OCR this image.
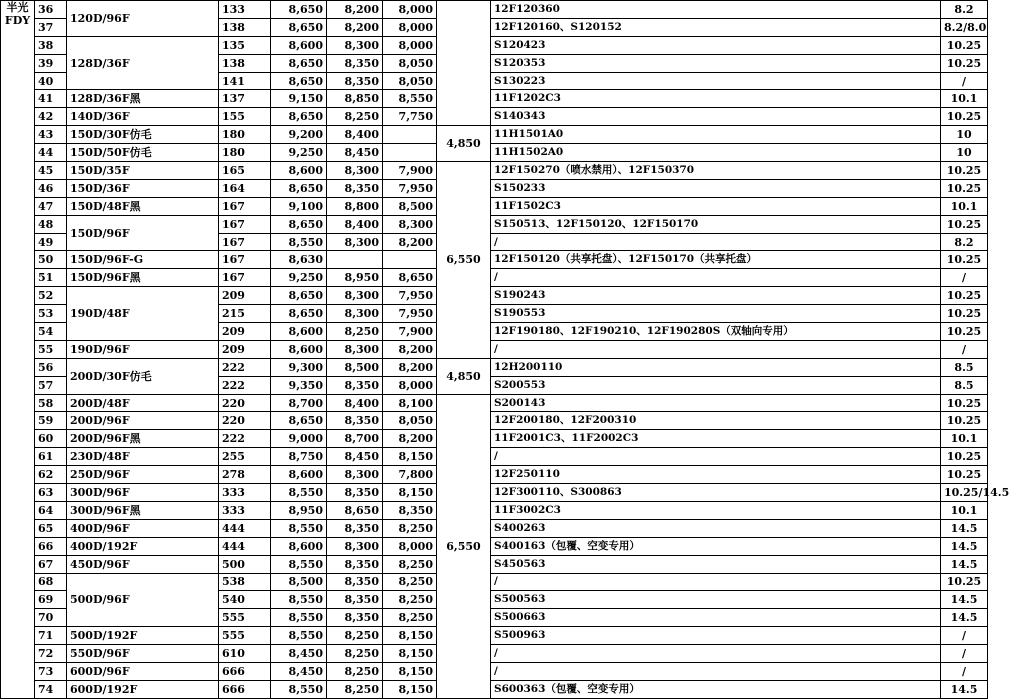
半光
FDY	36	120D/96F	133	8,650	8,200	8,000		12F120360	8.2
	37		138	8,650	8,200	8,000		12F120160、S120152	8.2/8.0
	38	128D/36F	135	8,600	8,300	8,000		S120423	10.25
	39		138	8,650	8,350	8,050		S120353	10.25
	40		141	8,650	8,350	8,050		S130223	/
	41	128D/36F黑	137	9,150	8,850	8,550		11F1202C3	10.1
	42	140D/36F	155	8,650	8,250	7,750		S140343	10.25
	43	150D/30F仿毛	180	9,200	8,400		4,850	11H1501A0	10
	44	150D/50F仿毛	180	9,250	8,450			11H1502A0	10
	45	150D/35F	165	8,600	8,300	7,900	6,550	12F150270（喷水禁用）、12F150370	10.25
	46	150D/36F	164	8,650	8,350	7,950		S150233	10.25
	47	150D/48F黑	167	9,100	8,800	8,500		11F1502C3	10.1
	48	150D/96F	167	8,650	8,400	8,300		S150513、12F150120、12F150170	10.25
	49		167	8,550	8,300	8,200		/	8.2
	50	150D/96F-G	167	8,630				12F150120（共享托盘）、12F150170（共享托盘）	10.25
	51	150D/96F黑	167	9,250	8,950	8,650		/	/
	52	190D/48F	209	8,650	8,300	7,950		S190243	10.25
	53		215	8,650	8,300	7,950		S190553	10.25
	54		209	8,600	8,250	7,900		12F190180、12F190210、12F190280S（双轴向专用）	10.25
	55	190D/96F	209	8,600	8,300	8,200		/	/
	56	200D/30F仿毛	222	9,300	8,500	8,200	4,850	12H200110	8.5
	57		222	9,350	8,350	8,000		S200553	8.5
	58	200D/48F	220	8,700	8,400	8,100	6,550	S200143	10.25
	59	200D/96F	220	8,650	8,350	8,050		12F200180、12F200310	10.25
	60	200D/96F黑	222	9,000	8,700	8,200		11F2001C3、11F2002C3	10.1
	61	230D/48F	255	8,750	8,450	8,150		/	10.25
	62	250D/96F	278	8,600	8,300	7,800		12F250110	10.25
	63	300D/96F	333	8,550	8,350	8,150		12F300110、S300863	10.25/14.5
	64	300D/96F黑	333	8,950	8,650	8,350		11F3002C3	10.1
	65	400D/96F	444	8,550	8,350	8,250		S400263	14.5
	66	400D/192F	444	8,600	8,300	8,000		S400163（包覆、空变专用）	14.5
	67	450D/96F	500	8,550	8,350	8,250		S450563	14.5
	68	500D/96F	538	8,500	8,350	8,250		/	10.25
	69		540	8,550	8,350	8,250		S500563	14.5
	70		555	8,550	8,350	8,250		S500663	14.5
	71	500D/192F	555	8,550	8,250	8,150		S500963	/
	72	550D/96F	610	8,450	8,250	8,150		/	/
	73	600D/96F	666	8,450	8,250	8,150		/	/
	74	600D/192F	666	8,550	8,250	8,150		S600363（包覆、空变专用）	14.5
